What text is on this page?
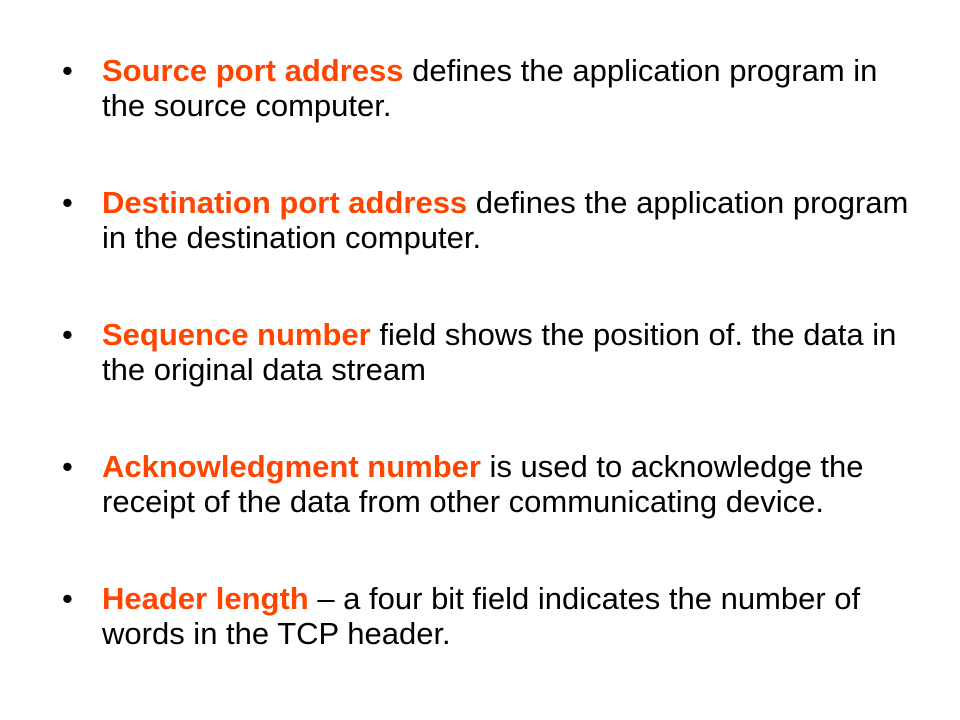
• Source port address defines the application program in the source computer.
• Destination port address defines the application program in the destination computer.
• Sequence number field shows the position of. the data in the original data stream
• Acknowledgment number is used to acknowledge the receipt of the data from other communicating device.
• Header length – a four bit field indicates the number of words in the TCP header.
